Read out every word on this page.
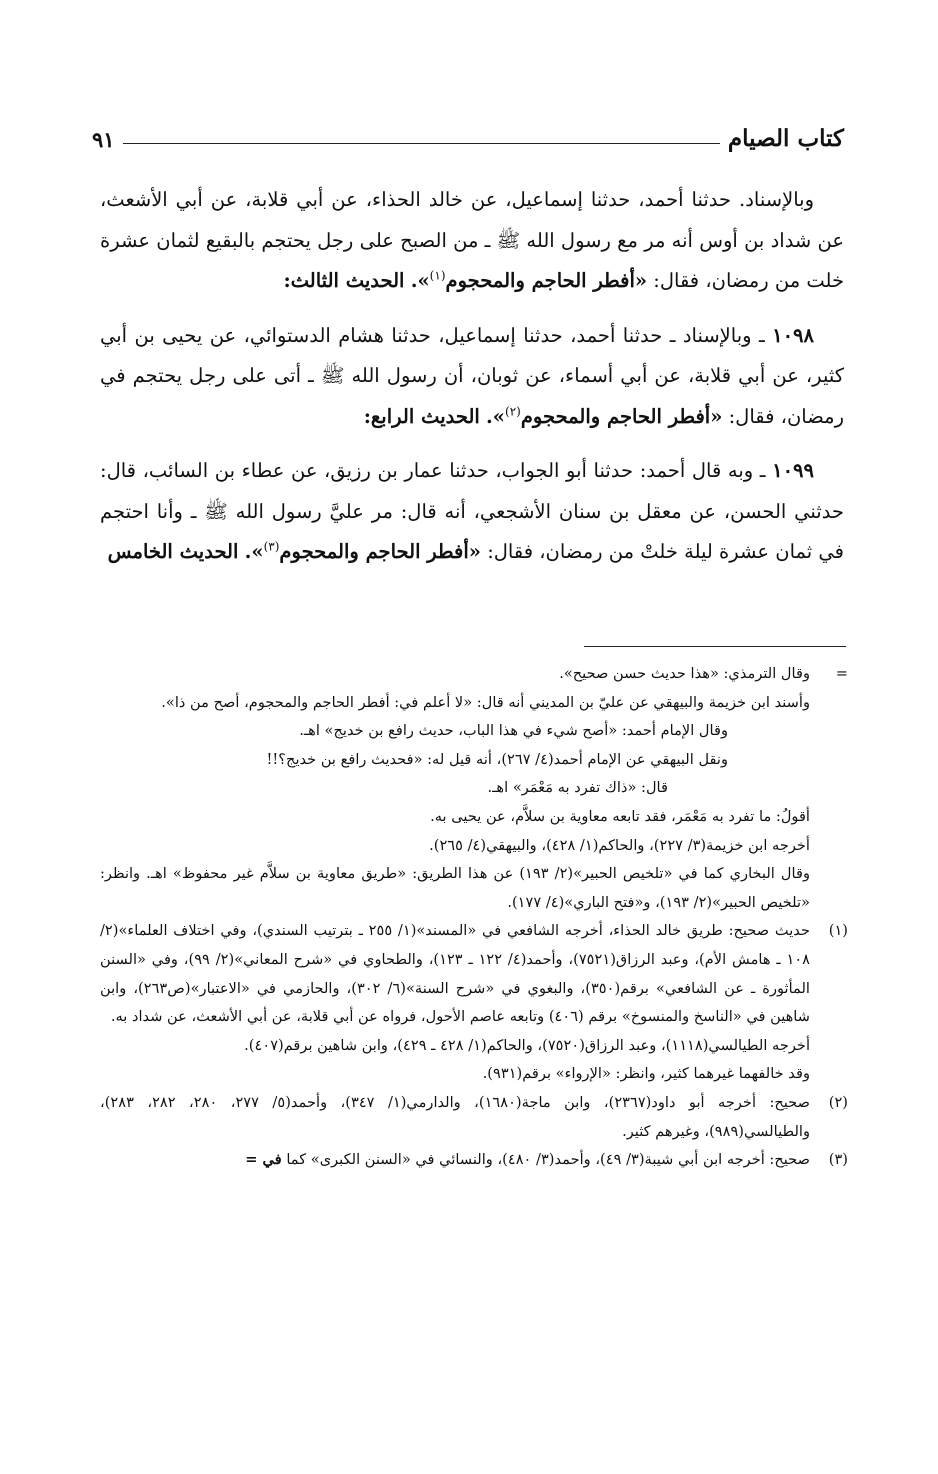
كتاب الصيام
٩١

وبالإسناد. حدثنا أحمد، حدثنا إسماعيل، عن خالد الحذاء، عن أبي قلابة، عن أبي الأشعث، عن شداد بن أوس أنه مر مع رسول الله ﷺ ـ من الصبح على رجل يحتجم بالبقيع لثمان عشرة خلت من رمضان، فقال: «أفطر الحاجم والمحجوم$^{(١)}$». الحديث الثالث:

١٠٩٨ ـ وبالإسناد ـ حدثنا أحمد، حدثنا إسماعيل، حدثنا هشام الدستوائي، عن يحيى بن أبي كثير، عن أبي قلابة، عن أبي أسماء، عن ثوبان، أن رسول الله ﷺ ـ أتى على رجل يحتجم في رمضان، فقال: «أفطر الحاجم والمحجوم$^{(٢)}$». الحديث الرابع:

١٠٩٩ ـ وبه قال أحمد: حدثنا أبو الجواب، حدثنا عمار بن رزيق، عن عطاء بن السائب، قال: حدثني الحسن، عن معقل بن سنان الأشجعي، أنه قال: مر عليَّ رسول الله ﷺ ـ وأنا احتجم في ثمان عشرة ليلة خلتْ من رمضان، فقال: «أفطر الحاجم والمحجوم$^{(٣)}$». الحديث الخامس

=
وقال الترمذي: «هذا حديث حسن صحيح».
وأسند ابن خزيمة والبيهقي عن عليّ بن المديني أنه قال: «لا أعلم في: أفطر الحاجم والمحجوم، أصح من ذا».
وقال الإمام أحمد: «أصح شيء في هذا الباب، حديث رافع بن خديج» اهـ.
ونقل البيهقي عن الإمام أحمد(٤/ ٢٦٧)، أنه قيل له: «فحديث رافع بن خديج؟!!
قال: «ذاك تفرد به مَعْمَر» اهـ.
أقولُ: ما تفرد به مَعْمَر، فقد تابعه معاوية بن سلاَّم، عن يحيى به.
أخرجه ابن خزيمة(٣/ ٢٢٧)، والحاكم(١/ ٤٢٨)، والبيهقي(٤/ ٢٦٥).
وقال البخاري كما في «تلخيص الحبير»(٢/ ١٩٣) عن هذا الطريق: «طريق معاوية بن سلاَّم غير محفوظ» اهـ. وانظر: «تلخيص الحبير»(٢/ ١٩٣)، و«فتح الباري»(٤/ ١٧٧).
(١)
حديث صحيح: طريق خالد الحذاء، أخرجه الشافعي في «المسند»(١/ ٢٥٥ ـ بترتيب السندي)، وفي اختلاف العلماء»(٢/ ١٠٨ ـ هامش الأم)، وعبد الرزاق(٧٥٢١)، وأحمد(٤/ ١٢٢ ـ ١٢٣)، والطحاوي في «شرح المعاني»(٢/ ٩٩)، وفي «السنن المأثورة ـ عن الشافعي» برقم(٣٥٠)، والبغوي في «شرح السنة»(٦/ ٣٠٢)، والحازمي في «الاعتبار»(ص٢٦٣)، وابن شاهين في «الناسخ والمنسوخ» برقم (٤٠٦) وتابعه عاصم الأحول، فرواه عن أبي قلابة، عن أبي الأشعث، عن شداد به.
أخرجه الطيالسي(١١١٨)، وعبد الرزاق(٧٥٢٠)، والحاكم(١/ ٤٢٨ ـ ٤٢٩)، وابن شاهين برقم(٤٠٧).
وقد خالفهما غيرهما كثير، وانظر: «الإرواء» برقم(٩٣١).
(٢)
صحيح: أخرجه أبو داود(٢٣٦٧)، وابن ماجة(١٦٨٠)، والدارمي(١/ ٣٤٧)، وأحمد(٥/ ٢٧٧، ٢٨٠، ٢٨٢، ٢٨٣)، والطيالسي(٩٨٩)، وغيرهم كثير.
(٣)
صحيح: أخرجه ابن أبي شيبة(٣/ ٤٩)، وأحمد(٣/ ٤٨٠)، والنسائي في «السنن الكبرى» كما في =
